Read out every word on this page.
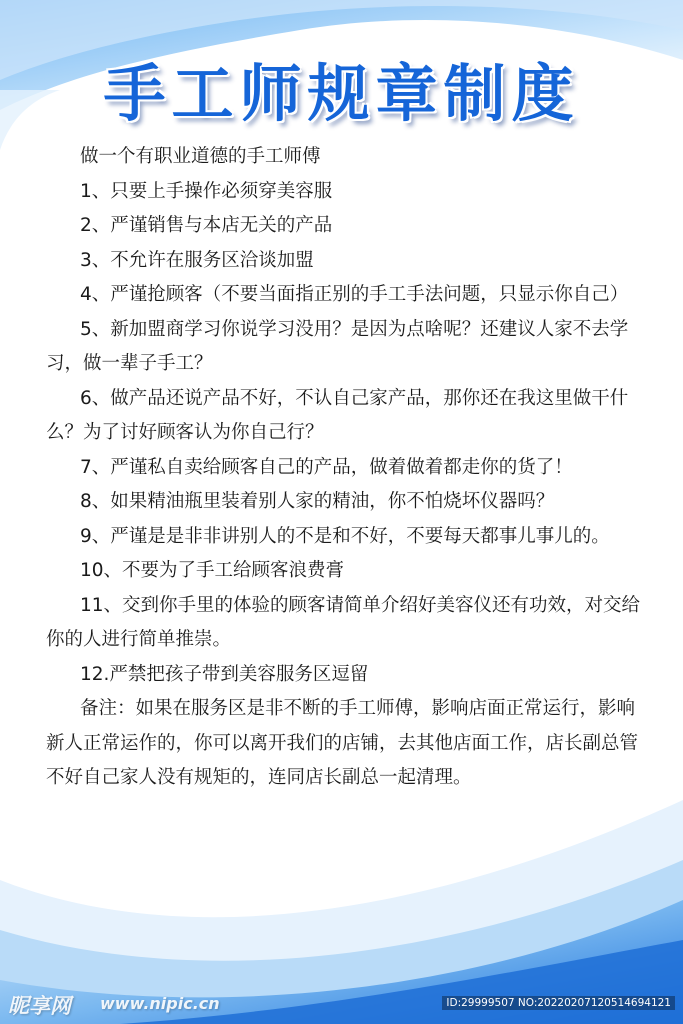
手工师规章制度

做一个有职业道德的手工师傅

1、只要上手操作必须穿美容服

2、严谨销售与本店无关的产品

3、不允许在服务区洽谈加盟

4、严谨抢顾客（不要当面指正别的手工手法问题，只显示你自己）

5、新加盟商学习你说学习没用？是因为点啥呢？还建议人家不去学习，做一辈子手工？

6、做产品还说产品不好，不认自己家产品，那你还在我这里做干什么？为了讨好顾客认为你自己行？

7、严谨私自卖给顾客自己的产品，做着做着都走你的货了！

8、如果精油瓶里装着别人家的精油，你不怕烧坏仪器吗？

9、严谨是是非非讲别人的不是和不好，不要每天都事儿事儿的。

10、不要为了手工给顾客浪费膏

11、交到你手里的体验的顾客请简单介绍好美容仪还有功效，对交给你的人进行简单推崇。

12.严禁把孩子带到美容服务区逗留

备注：如果在服务区是非不断的手工师傅，影响店面正常运行，影响新人正常运作的，你可以离开我们的店铺，去其他店面工作，店长副总管不好自己家人没有规矩的，连同店长副总一起清理。

昵享网 www.nipic.cn	ID:29999507 NO:20220207120514694121
